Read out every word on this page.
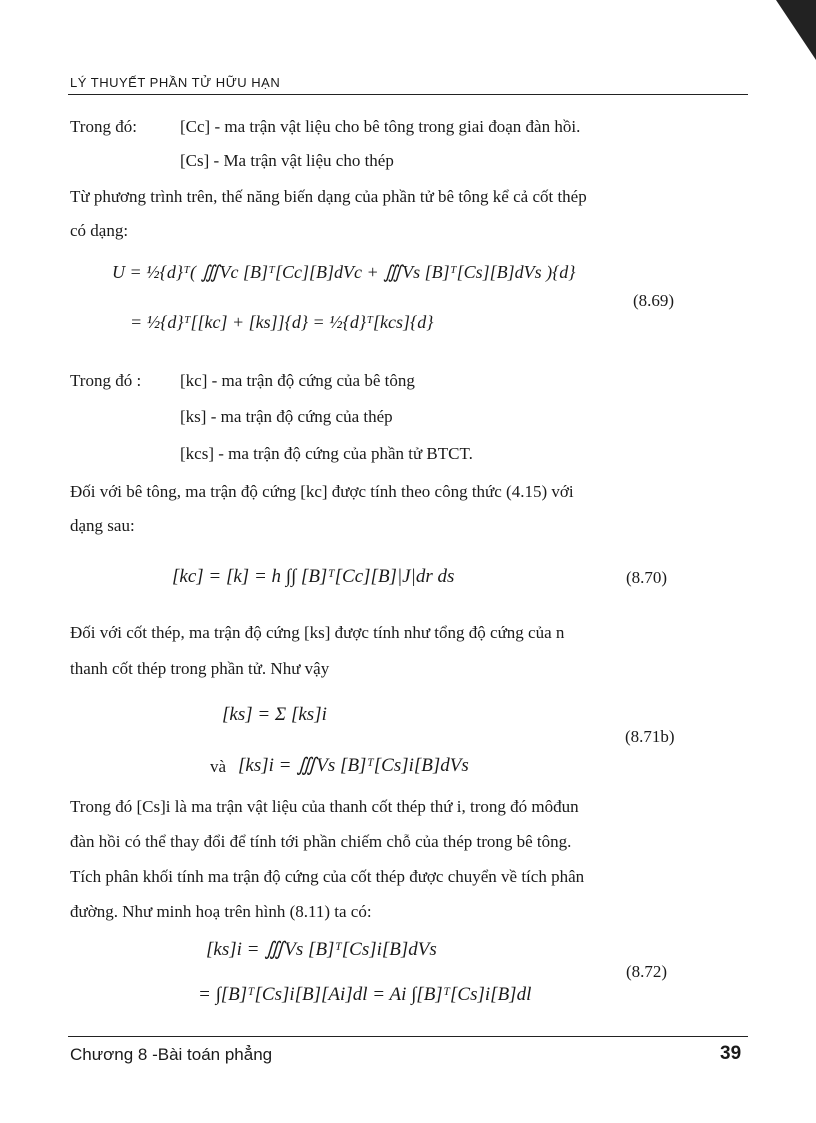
LÝ THUYẾT PHẦN TỬ HỮU HẠN
Trong đó:	[Cc] - ma trận vật liệu cho bê tông trong giai đoạn đàn hồi.
[Cs] - Ma trận vật liệu cho thép
Từ phương trình trên, thế năng biến dạng của phần tử bê tông kể cả cốt thép
có dạng:
U = ½{d}ᵀ( ∭Vc [B]ᵀ[Cc][B]dVc + ∭Vs [B]ᵀ[Cs][B]dVs ){d}
= ½{d}ᵀ[[kc] + [ks]]{d} = ½{d}ᵀ[kcs]{d}
(8.69)
Trong đó : [kc] - ma trận độ cứng của bê tông
[ks] - ma trận độ cứng của thép
[kcs] - ma trận độ cứng của phần tử BTCT.
Đối với bê tông, ma trận độ cứng [kc] được tính theo công thức (4.15) với
dạng sau:
[kc] = [k] = h ∫∫ [B]ᵀ[Cc][B]|J|dr ds	(8.70)
Đối với cốt thép, ma trận độ cứng [ks] được tính như tổng độ cứng của n
thanh cốt thép trong phần tử. Như vậy
[ks] = Σ [ks]i
và [ks]i = ∭Vs [B]ᵀ[Cs]i[B]dVs
(8.71b)
Trong đó [Cs]i là ma trận vật liệu của thanh cốt thép thứ i, trong đó môđun
đàn hồi có thể thay đổi để tính tới phần chiếm chỗ của thép trong bê tông.
Tích phân khối tính ma trận độ cứng của cốt thép được chuyển về tích phân
đường. Như minh hoạ trên hình (8.11) ta có:
[ks]i = ∭Vs [B]ᵀ[Cs]i[B]dVs
= ∫[B]ᵀ[Cs]i[B][Ai]dl = Ai ∫[B]ᵀ[Cs]i[B]dl
(8.72)
Chương 8 -Bài toán phẳng	39
